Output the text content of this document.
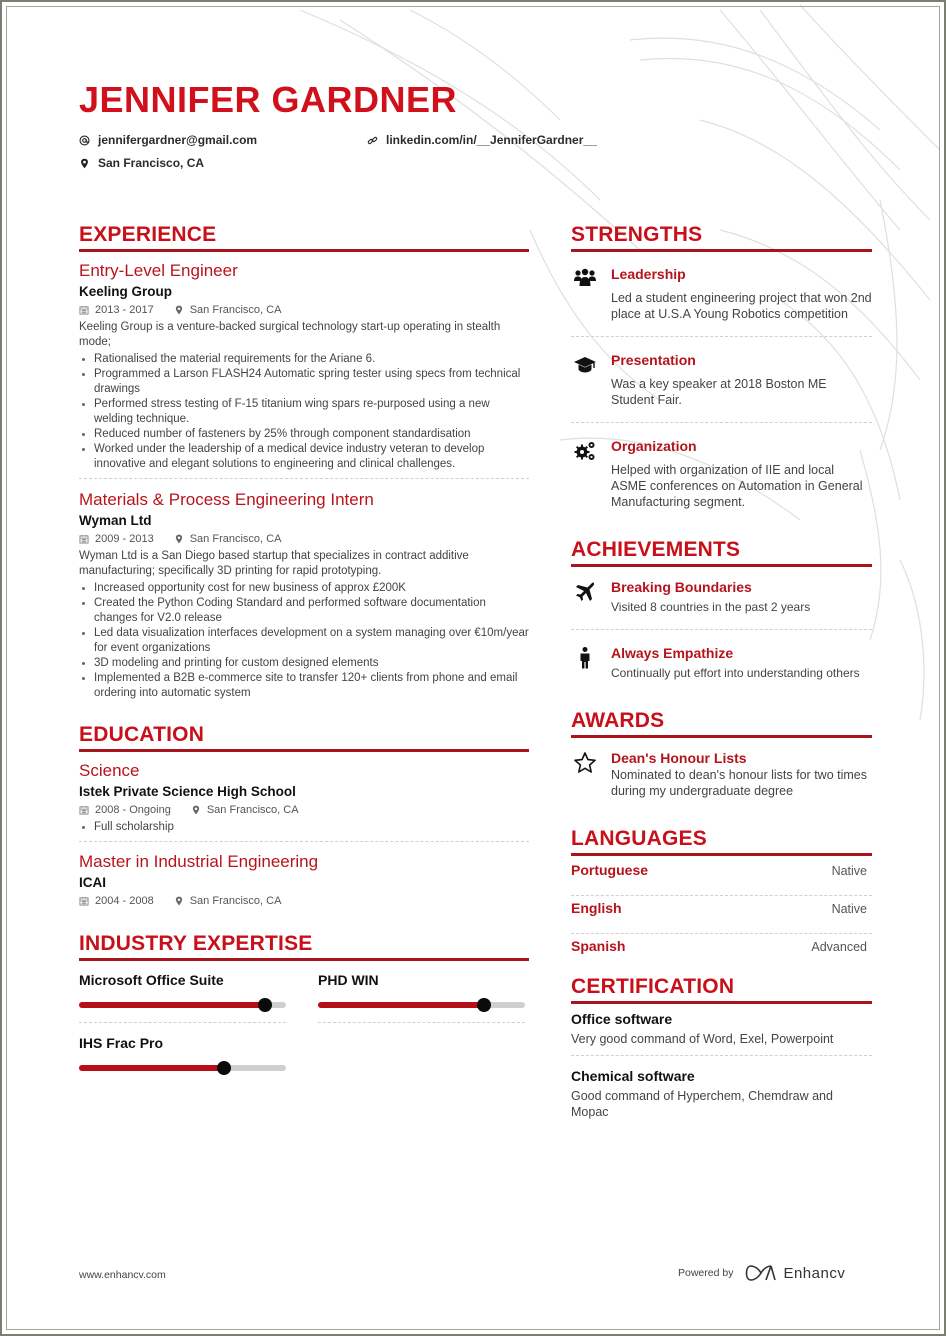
JENNIFER GARDNER
jennifergardner@gmail.com	linkedin.com/in/__JenniferGardner__
San Francisco, CA
EXPERIENCE
Entry-Level Engineer
Keeling Group
2013 - 2017	San Francisco, CA
Keeling Group is a venture-backed surgical technology start-up operating in stealth mode;
Rationalised the material requirements for the Ariane 6.
Programmed a Larson FLASH24 Automatic spring tester using specs from technical drawings
Performed stress testing of F-15 titanium wing spars re-purposed using a new welding technique.
Reduced number of fasteners by 25% through component standardisation
Worked under the leadership of a medical device industry veteran to develop innovative and elegant solutions to engineering and clinical challenges.
Materials & Process Engineering Intern
Wyman Ltd
2009 - 2013	San Francisco, CA
Wyman Ltd is a San Diego based startup that specializes in contract additive manufacturing; specifically 3D printing for rapid prototyping.
Increased opportunity cost for new business of approx £200K
Created the Python Coding Standard and performed software documentation changes for V2.0 release
Led data visualization interfaces development on a system managing over €10m/year for event organizations
3D modeling and printing for custom designed elements
Implemented a B2B e-commerce site to transfer 120+ clients from phone and email ordering into automatic system
EDUCATION
Science
Istek Private Science High School
2008 - Ongoing	San Francisco, CA
Full scholarship
Master in Industrial Engineering
ICAI
2004 - 2008	San Francisco, CA
INDUSTRY EXPERTISE
Microsoft Office Suite	PHD WIN
IHS Frac Pro
STRENGTHS
Leadership
Led a student engineering project that won 2nd place at U.S.A Young Robotics competition
Presentation
Was a key speaker at 2018 Boston ME Student Fair.
Organization
Helped with organization of IIE and local ASME conferences on Automation in General Manufacturing segment.
ACHIEVEMENTS
Breaking Boundaries
Visited 8 countries in the past 2 years
Always Empathize
Continually put effort into understanding others
AWARDS
Dean's Honour Lists
Nominated to dean's honour lists for two times during my undergraduate degree
LANGUAGES
Portuguese	Native
English	Native
Spanish	Advanced
CERTIFICATION
Office software
Very good command of Word, Exel, Powerpoint
Chemical software
Good command of Hyperchem, Chemdraw and Mopac
www.enhancv.com	Powered by	Enhancv
